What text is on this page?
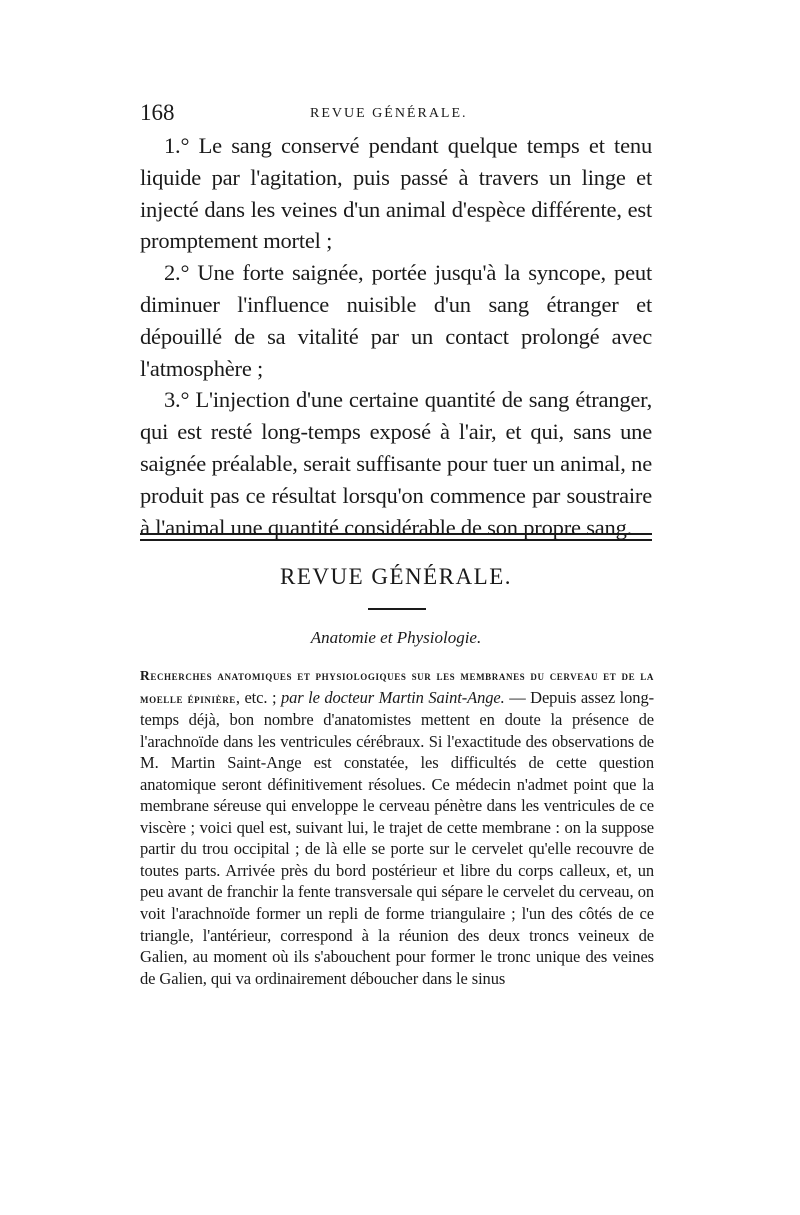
168	REVUE GÉNÉRALE.

1.° Le sang conservé pendant quelque temps et tenu liquide par l'agitation, puis passé à travers un linge et injecté dans les veines d'un animal d'espèce différente, est promptement mortel ;

2.° Une forte saignée, portée jusqu'à la syncope, peut diminuer l'influence nuisible d'un sang étranger et dépouillé de sa vitalité par un contact prolongé avec l'atmosphère ;

3.° L'injection d'une certaine quantité de sang étranger, qui est resté long-temps exposé à l'air, et qui, sans une saignée préalable, serait suffisante pour tuer un animal, ne produit pas ce résultat lorsqu'on commence par soustraire à l'animal une quantité considérable de son propre sang.

REVUE GÉNÉRALE.
Anatomie et Physiologie.

Recherches anatomiques et physiologiques sur les membranes du cerveau et de la moelle épinière, etc. ; par le docteur Martin Saint-Ange. — Depuis assez long-temps déjà, bon nombre d'anatomistes mettent en doute la présence de l'arachnoïde dans les ventricules cérébraux. Si l'exactitude des observations de M. Martin Saint-Ange est constatée, les difficultés de cette question anatomique seront définitivement résolues. Ce médecin n'admet point que la membrane séreuse qui enveloppe le cerveau pénètre dans les ventricules de ce viscère ; voici quel est, suivant lui, le trajet de cette membrane : on la suppose partir du trou occipital ; de là elle se porte sur le cervelet qu'elle recouvre de toutes parts. Arrivée près du bord postérieur et libre du corps calleux, et, un peu avant de franchir la fente transversale qui sépare le cervelet du cerveau, on voit l'arachnoïde former un repli de forme triangulaire ; l'un des côtés de ce triangle, l'antérieur, correspond à la réunion des deux troncs veineux de Galien, au moment où ils s'abouchent pour former le tronc unique des veines de Galien, qui va ordinairement déboucher dans le sinus
